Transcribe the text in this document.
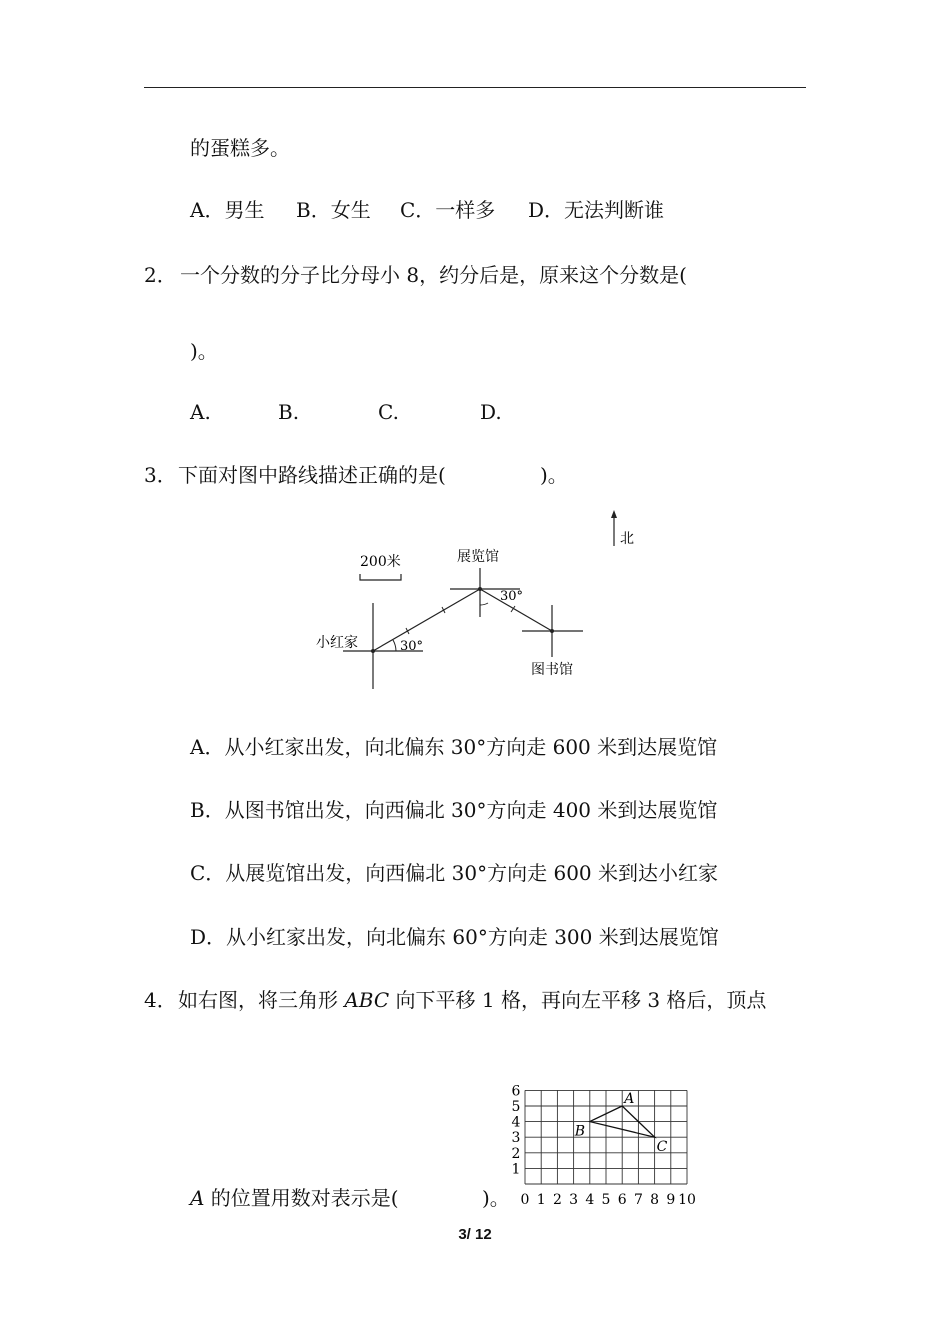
的蛋糕多。
A．男生 B．女生 C．一样多 D．无法判断谁
2． 一个分数的分子比分母小 8，约分后是，原来这个分数是(
)。
A.	B.	C.	D.
3． 下面对图中路线描述正确的是(	)。
北
200米
小红家	30°
展览馆
30°
图书馆
A．从小红家出发，向北偏东 30°方向走 600 米到达展览馆
B．从图书馆出发，向西偏北 30°方向走 400 米到达展览馆
C．从展览馆出发，向西偏北 30°方向走 600 米到达小红家
D．从小红家出发，向北偏东 60°方向走 300 米到达展览馆
4． 如右图，将三角形 ABC 向下平移 1 格，再向左平移 3 格后，顶点
A 的位置用数对表示是(	)。 0 1 2 3 4 5 6 7 8 9 10
1
2
3
4
5
6	A
B
C
3/ 12
